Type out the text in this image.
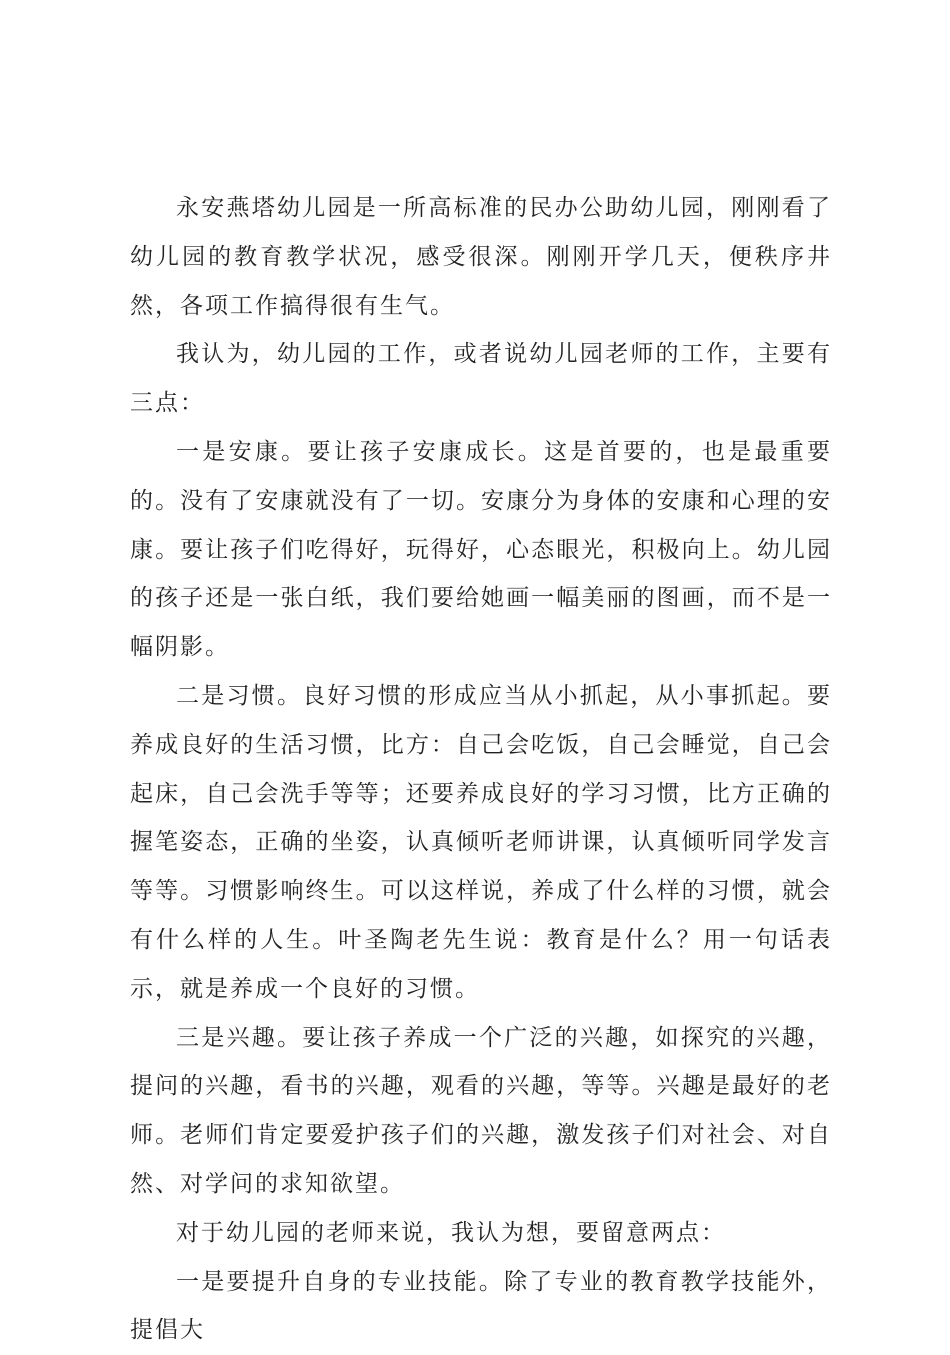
永安燕塔幼儿园是一所高标准的民办公助幼儿园，刚刚看了幼儿园的教育教学状况，感受很深。刚刚开学几天，便秩序井然，各项工作搞得很有生气。

我认为，幼儿园的工作，或者说幼儿园老师的工作，主要有三点：

一是安康。要让孩子安康成长。这是首要的，也是最重要的。没有了安康就没有了一切。安康分为身体的安康和心理的安康。要让孩子们吃得好，玩得好，心态眼光，积极向上。幼儿园的孩子还是一张白纸，我们要给她画一幅美丽的图画，而不是一幅阴影。

二是习惯。良好习惯的形成应当从小抓起，从小事抓起。要养成良好的生活习惯，比方：自己会吃饭，自己会睡觉，自己会起床，自己会洗手等等；还要养成良好的学习习惯，比方正确的握笔姿态，正确的坐姿，认真倾听老师讲课，认真倾听同学发言等等。习惯影响终生。可以这样说，养成了什么样的习惯，就会有什么样的人生。叶圣陶老先生说：教育是什么？用一句话表示，就是养成一个良好的习惯。

三是兴趣。要让孩子养成一个广泛的兴趣，如探究的兴趣，提问的兴趣，看书的兴趣，观看的兴趣，等等。兴趣是最好的老师。老师们肯定要爱护孩子们的兴趣，激发孩子们对社会、对自然、对学问的求知欲望。

对于幼儿园的老师来说，我认为想，要留意两点：

一是要提升自身的专业技能。除了专业的教育教学技能外，提倡大
